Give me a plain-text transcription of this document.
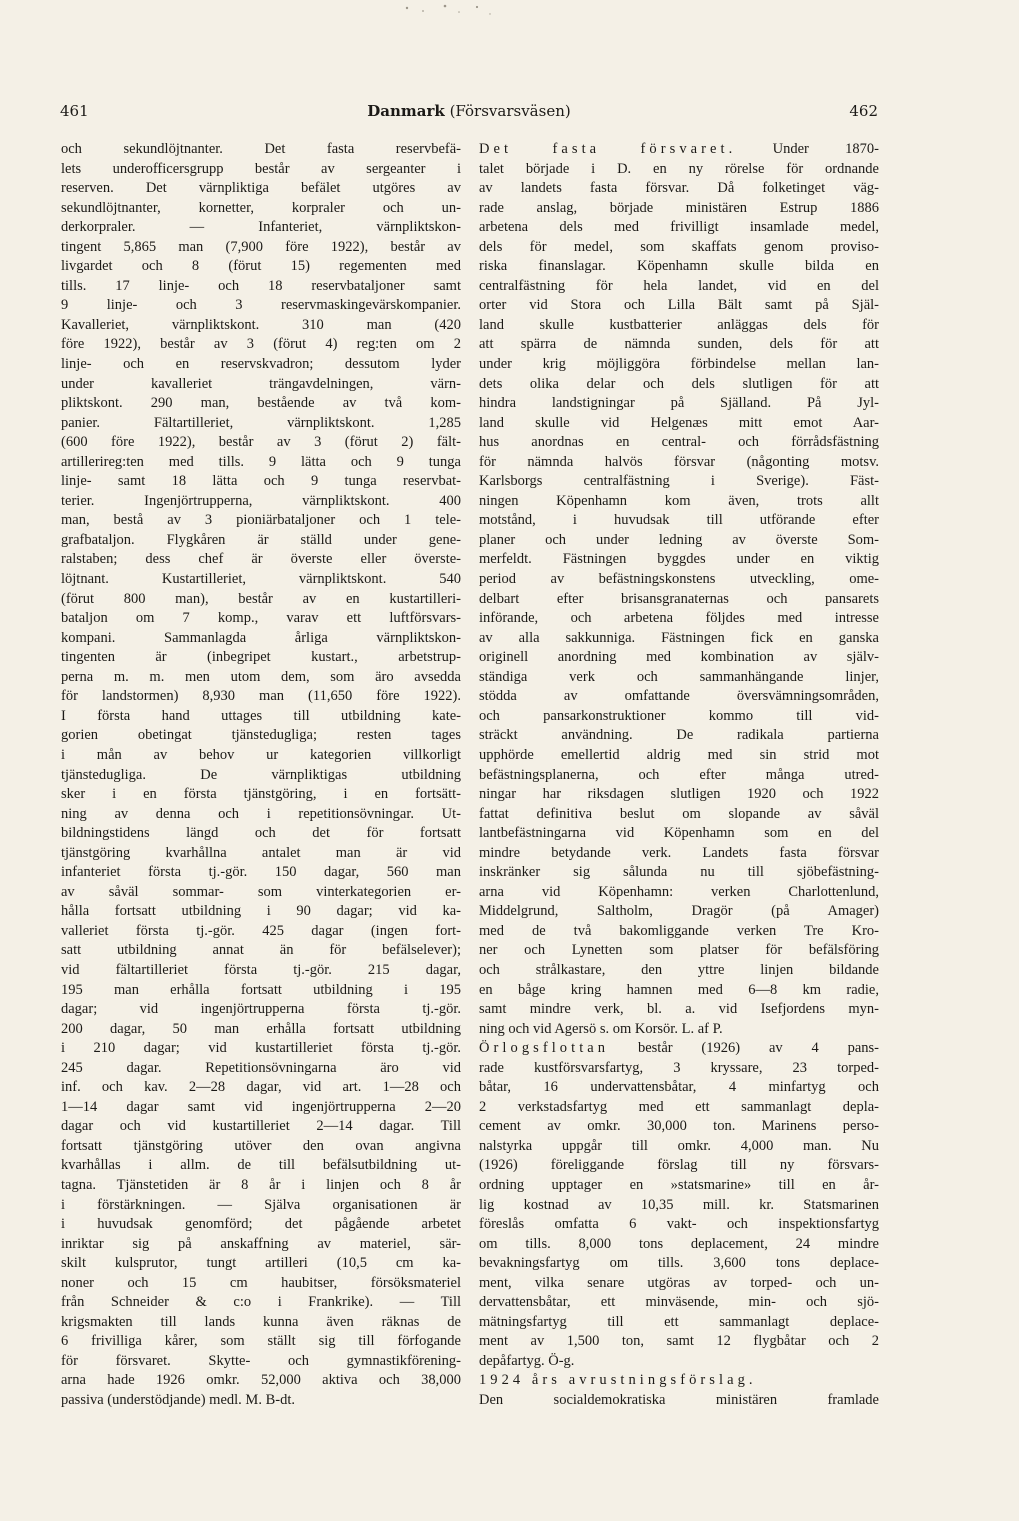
461	Danmark (Försvarsväsen)	462
och sekundlöjtnanter. Det fasta reservbefä-
lets underofficersgrupp består av sergeanter i
reserven. Det värnpliktiga befälet utgöres av
sekundlöjtnanter, kornetter, korpraler och un-
derkorpraler. — Infanteriet, värnpliktskon-
tingent 5,865 man (7,900 före 1922), består av
livgardet och 8 (förut 15) regementen med
tills. 17 linje- och 18 reservbataljoner samt
9 linje- och 3 reservmaskingevärskompanier.
Kavalleriet, värnpliktskont. 310 man (420
före 1922), består av 3 (förut 4) reg:ten om 2
linje- och en reservskvadron; dessutom lyder
under kavalleriet trängavdelningen, värn-
pliktskont. 290 man, bestående av två kom-
panier. Fältartilleriet, värnpliktskont. 1,285
(600 före 1922), består av 3 (förut 2) fält-
artillerireg:ten med tills. 9 lätta och 9 tunga
linje- samt 18 lätta och 9 tunga reservbat-
terier. Ingenjörtrupperna, värnpliktskont. 400
man, bestå av 3 pioniärbataljoner och 1 tele-
grafbataljon. Flygkåren är ställd under gene-
ralstaben; dess chef är överste eller överste-
löjtnant. Kustartilleriet, värnpliktskont. 540
(förut 800 man), består av en kustartilleri-
bataljon om 7 komp., varav ett luftförsvars-
kompani. Sammanlagda årliga värnpliktskon-
tingenten är (inbegripet kustart., arbetstrup-
perna m. m. men utom dem, som äro avsedda
för landstormen) 8,930 man (11,650 före 1922).
I första hand uttages till utbildning kate-
gorien obetingat tjänstedugliga; resten tages
i mån av behov ur kategorien villkorligt
tjänstedugliga. De värnpliktigas utbildning
sker i en första tjänstgöring, i en fortsätt-
ning av denna och i repetitionsövningar. Ut-
bildningstidens längd och det för fortsatt
tjänstgöring kvarhållna antalet man är vid
infanteriet första tj.-gör. 150 dagar, 560 man
av såväl sommar- som vinterkategorien er-
hålla fortsatt utbildning i 90 dagar; vid ka-
valleriet första tj.-gör. 425 dagar (ingen fort-
satt utbildning annat än för befälselever);
vid fältartilleriet första tj.-gör. 215 dagar,
195 man erhålla fortsatt utbildning i 195
dagar; vid ingenjörtrupperna första tj.-gör.
200 dagar, 50 man erhålla fortsatt utbildning
i 210 dagar; vid kustartilleriet första tj.-gör.
245 dagar. Repetitionsövningarna äro vid
inf. och kav. 2—28 dagar, vid art. 1—28 och
1—14 dagar samt vid ingenjörtrupperna 2—20
dagar och vid kustartilleriet 2—14 dagar. Till
fortsatt tjänstgöring utöver den ovan angivna
kvarhållas i allm. de till befälsutbildning ut-
tagna. Tjänstetiden är 8 år i linjen och 8 år
i förstärkningen. — Själva organisationen är
i huvudsak genomförd; det pågående arbetet
inriktar sig på anskaffning av materiel, sär-
skilt kulsprutor, tungt artilleri (10,5 cm ka-
noner och 15 cm haubitser, försöksmateriel
från Schneider & c:o i Frankrike). — Till
krigsmakten till lands kunna även räknas de
6 frivilliga kårer, som ställt sig till förfogande
för försvaret. Skytte- och gymnastikförening-
arna hade 1926 omkr. 52,000 aktiva och 38,000
passiva (understödjande) medl. M. B-dt.
Det fasta försvaret. Under 1870-
talet började i D. en ny rörelse för ordnande
av landets fasta försvar. Då folketinget väg-
rade anslag, började ministären Estrup 1886
arbetena dels med frivilligt insamlade medel,
dels för medel, som skaffats genom proviso-
riska finanslagar. Köpenhamn skulle bilda en
centralfästning för hela landet, vid en del
orter vid Stora och Lilla Bält samt på Själ-
land skulle kustbatterier anläggas dels för
att spärra de nämnda sunden, dels för att
under krig möjliggöra förbindelse mellan lan-
dets olika delar och dels slutligen för att
hindra landstigningar på Själland. På Jyl-
land skulle vid Helgenæs mitt emot Aar-
hus anordnas en central- och förrådsfästning
för nämnda halvös försvar (någonting motsv.
Karlsborgs centralfästning i Sverige). Fäst-
ningen Köpenhamn kom även, trots allt
motstånd, i huvudsak till utförande efter
planer och under ledning av överste Som-
merfeldt. Fästningen byggdes under en viktig
period av befästningskonstens utveckling, ome-
delbart efter brisansgranaternas och pansarets
införande, och arbetena följdes med intresse
av alla sakkunniga. Fästningen fick en ganska
originell anordning med kombination av själv-
ständiga verk och sammanhängande linjer,
stödda av omfattande översvämningsområden,
och pansarkonstruktioner kommo till vid-
sträckt användning. De radikala partierna
upphörde emellertid aldrig med sin strid mot
befästningsplanerna, och efter många utred-
ningar har riksdagen slutligen 1920 och 1922
fattat definitiva beslut om slopande av såväl
lantbefästningarna vid Köpenhamn som en del
mindre betydande verk. Landets fasta försvar
inskränker sig sålunda nu till sjöbefästning-
arna vid Köpenhamn: verken Charlottenlund,
Middelgrund, Saltholm, Dragör (på Amager)
med de två bakomliggande verken Tre Kro-
ner och Lynetten som platser för befälsföring
och strålkastare, den yttre linjen bildande
en båge kring hamnen med 6—8 km radie,
samt mindre verk, bl. a. vid Isefjordens myn-
ning och vid Agersö s. om Korsör. L. af P.
Örlogsflottan består (1926) av 4 pans-
rade kustförsvarsfartyg, 3 kryssare, 23 torped-
båtar, 16 undervattensbåtar, 4 minfartyg och
2 verkstadsfartyg med ett sammanlagt depla-
cement av omkr. 30,000 ton. Marinens perso-
nalstyrka uppgår till omkr. 4,000 man. Nu
(1926) föreliggande förslag till ny försvars-
ordning upptager en »statsmarine» till en år-
lig kostnad av 10,35 mill. kr. Statsmarinen
föreslås omfatta 6 vakt- och inspektionsfartyg
om tills. 8,000 tons deplacement, 24 mindre
bevakningsfartyg om tills. 3,600 tons deplace-
ment, vilka senare utgöras av torped- och un-
dervattensbåtar, ett minväsende, min- och sjö-
mätningsfartyg till ett sammanlagt deplace-
ment av 1,500 ton, samt 12 flygbåtar och 2
depåfartyg. Ö-g.
1924 års avrustningsförslag.
Den socialdemokratiska ministären framlade
